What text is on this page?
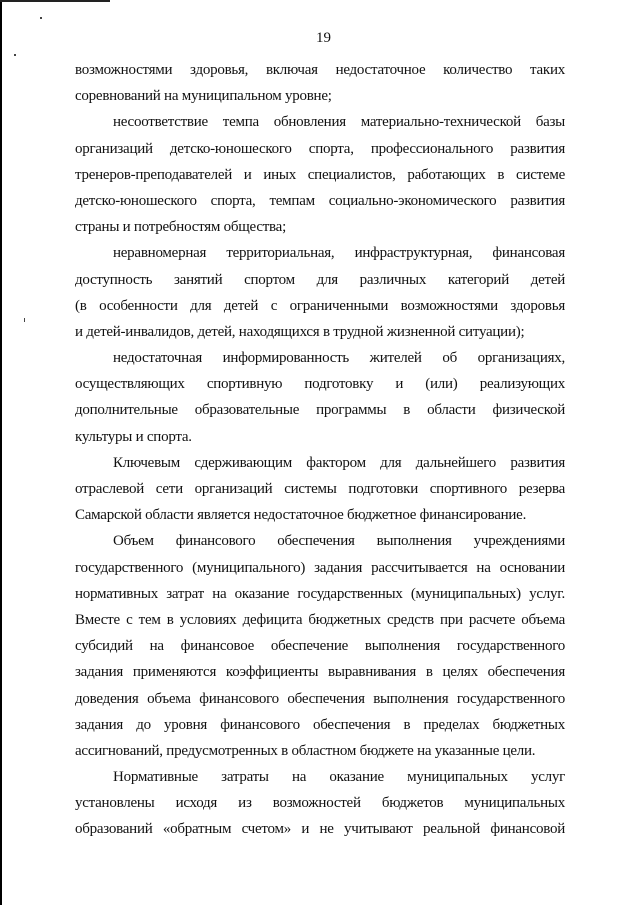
19
возможностями здоровья, включая недостаточное количество таких
соревнований на муниципальном уровне;
несоответствие темпа обновления материально-технической базы
организаций детско-юношеского спорта, профессионального развития
тренеров-преподавателей и иных специалистов, работающих в системе
детско-юношеского спорта, темпам социально-экономического развития
страны и потребностям общества;
неравномерная территориальная, инфраструктурная, финансовая
доступность занятий спортом для различных категорий детей
(в особенности для детей с ограниченными возможностями здоровья
и детей-инвалидов, детей, находящихся в трудной жизненной ситуации);
недостаточная информированность жителей об организациях,
осуществляющих спортивную подготовку и (или) реализующих
дополнительные образовательные программы в области физической
культуры и спорта.
Ключевым сдерживающим фактором для дальнейшего развития
отраслевой сети организаций системы подготовки спортивного резерва
Самарской области является недостаточное бюджетное финансирование.
Объем финансового обеспечения выполнения учреждениями
государственного (муниципального) задания рассчитывается на основании
нормативных затрат на оказание государственных (муниципальных) услуг.
Вместе с тем в условиях дефицита бюджетных средств при расчете объема
субсидий на финансовое обеспечение выполнения государственного
задания применяются коэффициенты выравнивания в целях обеспечения
доведения объема финансового обеспечения выполнения государственного
задания до уровня финансового обеспечения в пределах бюджетных
ассигнований, предусмотренных в областном бюджете на указанные цели.
Нормативные затраты на оказание муниципальных услуг
установлены исходя из возможностей бюджетов муниципальных
образований «обратным счетом» и не учитывают реальной финансовой
